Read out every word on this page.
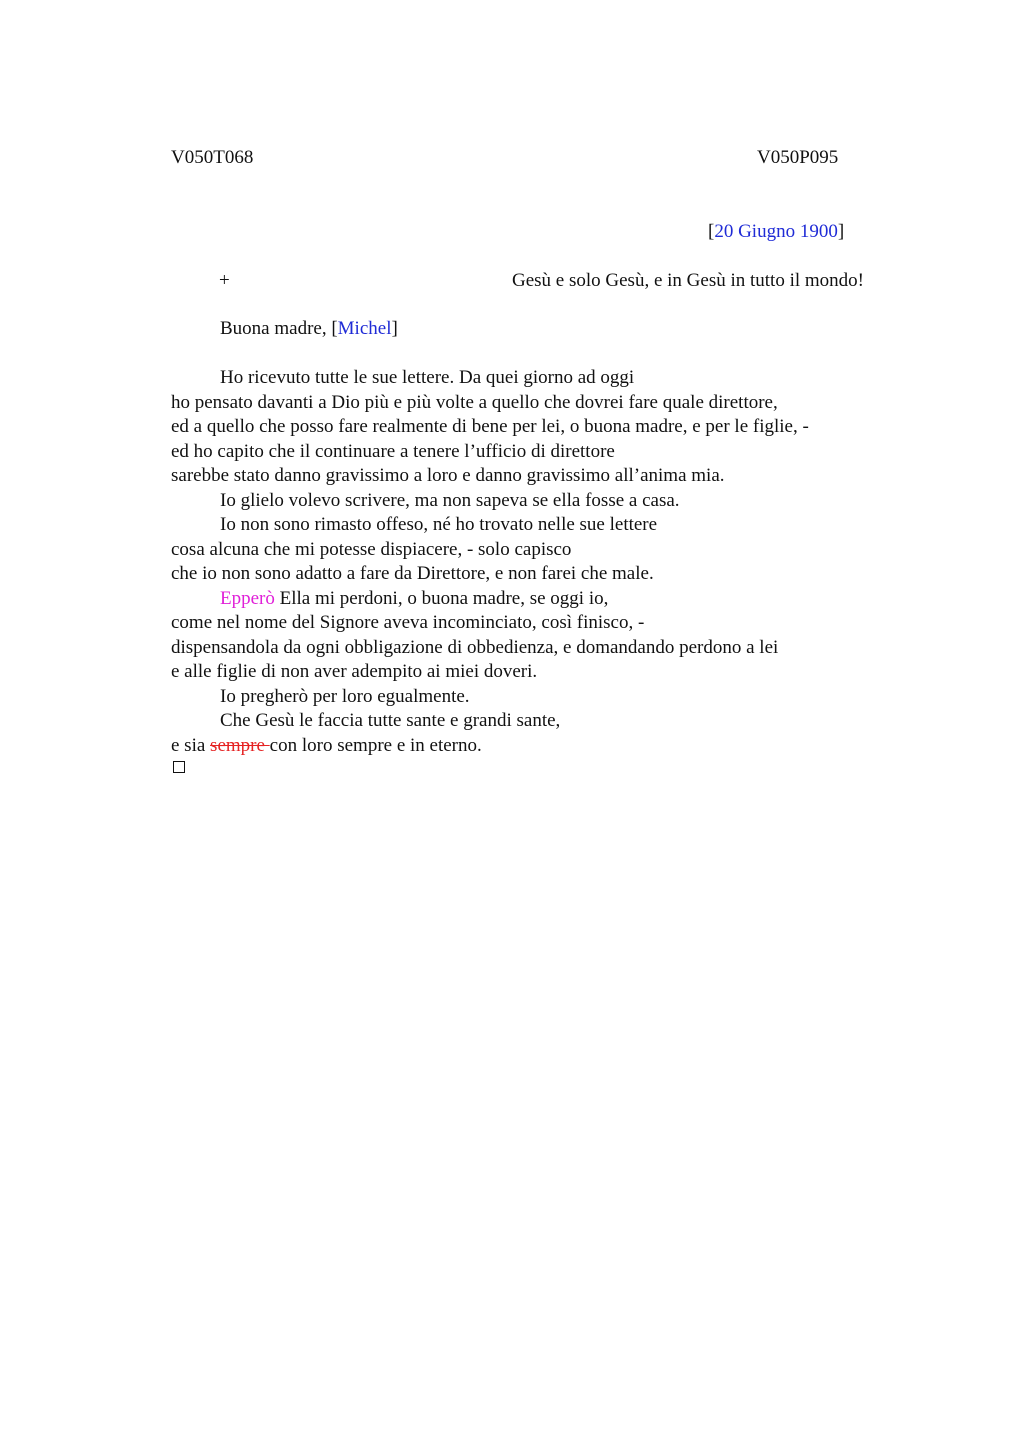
V050T068	V050P095
[20 Giugno 1900]
+	Gesù e solo Gesù, e in Gesù in tutto il mondo!
Buona madre, [Michel]
Ho ricevuto tutte le sue lettere. Da quei giorno ad oggi
ho pensato davanti a Dio più e più volte a quello che dovrei fare quale direttore,
ed a quello che posso fare realmente di bene per lei, o buona madre, e per le figlie, -
ed ho capito che il continuare a tenere l’ufficio di direttore
sarebbe stato danno gravissimo a loro e danno gravissimo all’anima mia.
Io glielo volevo scrivere, ma non sapeva se ella fosse a casa.
Io non sono rimasto offeso, né ho trovato nelle sue lettere
cosa alcuna che mi potesse dispiacere, - solo capisco
che io non sono adatto a fare da Direttore, e non farei che male.
Epperò Ella mi perdoni, o buona madre, se oggi io,
come nel nome del Signore aveva incominciato, così finisco, -
dispensandola da ogni obbligazione di obbedienza, e domandando perdono a lei
e alle figlie di non aver adempito ai miei doveri.
Io pregherò per loro egualmente.
Che Gesù le faccia tutte sante e grandi sante,
e sia sempre con loro sempre e in eterno.
